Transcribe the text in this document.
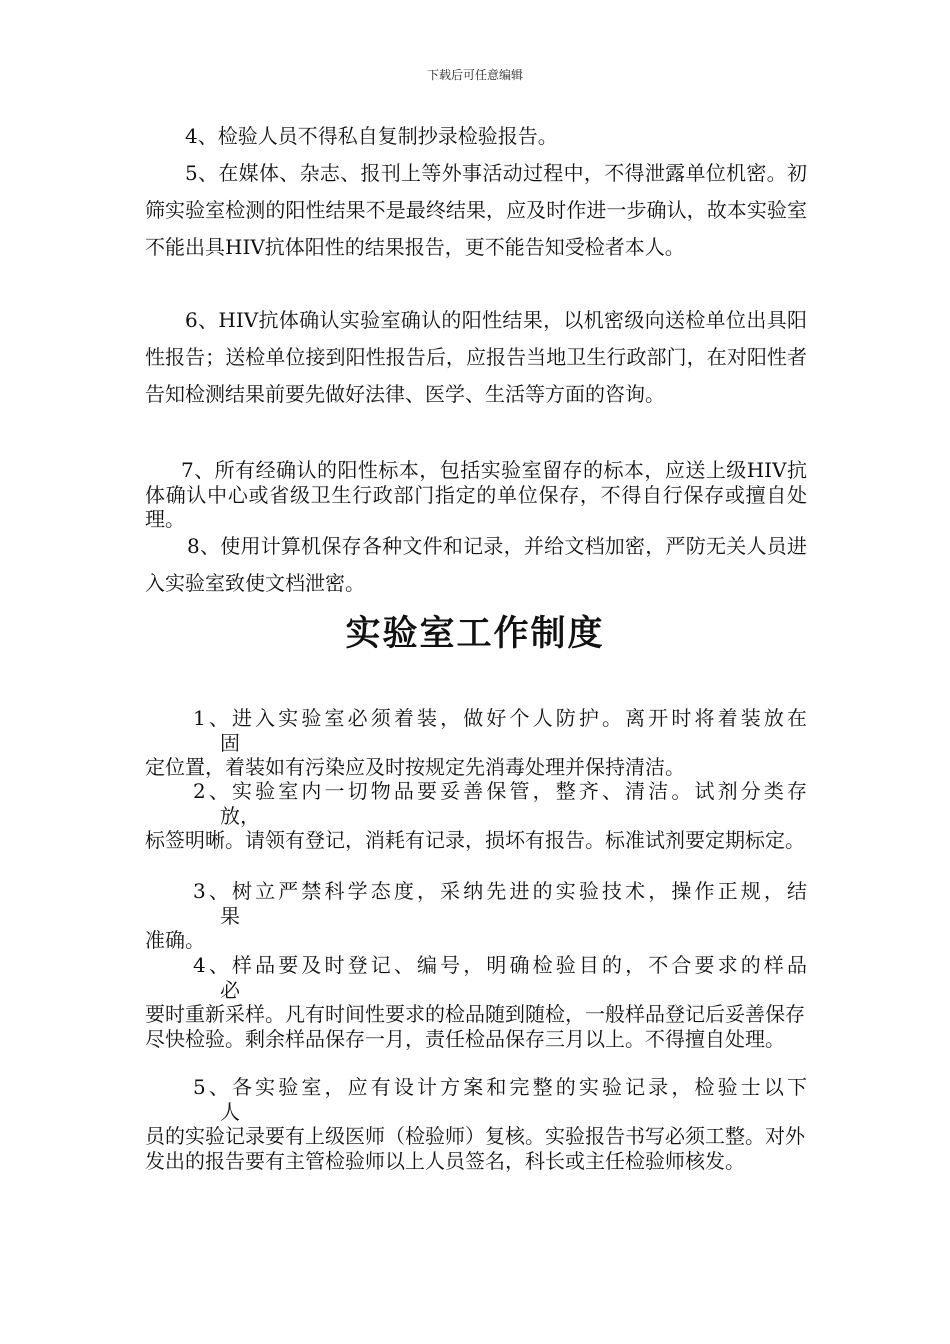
下载后可任意编辑

4、检验人员不得私自复制抄录检验报告。

5、在媒体、杂志、报刊上等外事活动过程中，不得泄露单位机密。初筛实验室检测的阳性结果不是最终结果，应及时作进一步确认，故本实验室不能出具HIV抗体阳性的结果报告，更不能告知受检者本人。

6、HIV抗体确认实验室确认的阳性结果，以机密级向送检单位出具阳性报告；送检单位接到阳性报告后，应报告当地卫生行政部门，在对阳性者告知检测结果前要先做好法律、医学、生活等方面的咨询。

7、所有经确认的阳性标本，包括实验室留存的标本，应送上级HIV抗体确认中心或省级卫生行政部门指定的单位保存，不得自行保存或擅自处理。

8、使用计算机保存各种文件和记录，并给文档加密，严防无关人员进入实验室致使文档泄密。

实验室工作制度
1、进入实验室必须着装，做好个人防护。离开时将着装放在
固
定位置，着装如有污染应及时按规定先消毒处理并保持清洁。
2、实验室内一切物品要妥善保管，整齐、清洁。试剂分类存
放，
标签明晰。请领有登记，消耗有记录，损坏有报告。标准试剂要定期标定。
3、树立严禁科学态度，采纳先进的实验技术，操作正规，结
果
准确。
4、样品要及时登记、编号，明确检验目的，不合要求的样品
必
要时重新采样。凡有时间性要求的检品随到随检，一般样品登记后妥善保存尽快检验。剩余样品保存一月，责任检品保存三月以上。不得擅自处理。
5、各实验室，应有设计方案和完整的实验记录，检验士以下
人
员的实验记录要有上级医师（检验师）复核。实验报告书写必须工整。对外发出的报告要有主管检验师以上人员签名，科长或主任检验师核发。
